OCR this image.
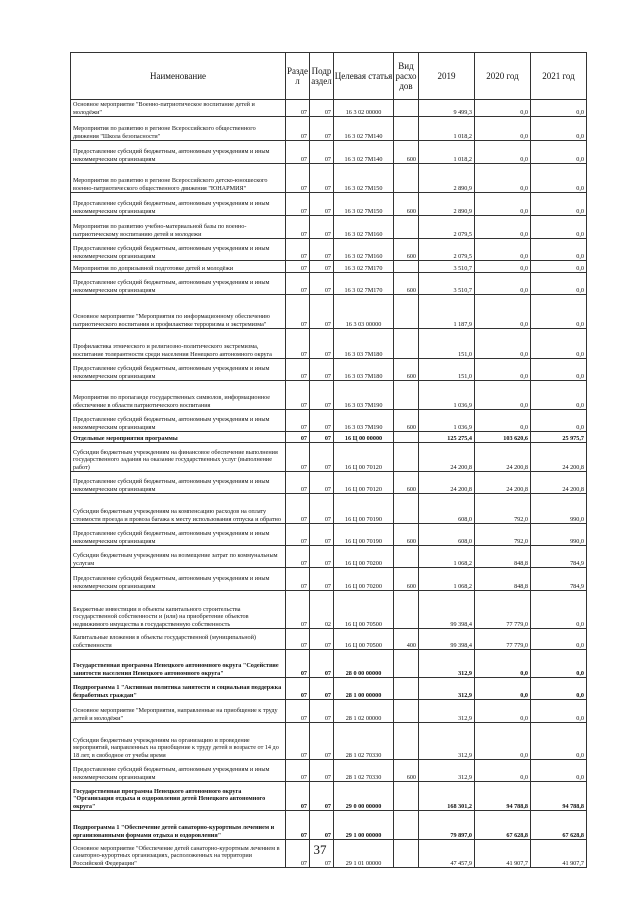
Наименование	Разде л	Подр аздел	Целевая статья	Вид расхо дов	2019	2020 год	2021 год
Основное мероприятие "Военно-патриотическое воспитание детей и молодёжи"	07	07	16 3 02 00000		9 499,3	0,0	0,0
Мероприятия по развитию в регионе Всероссийского общественного движения "Школа безопасности"	07	07	16 3 02 7М140		1 018,2	0,0	0,0
Предоставление субсидий бюджетным, автономным учреждениям и иным некоммерческим организациям	07	07	16 3 02 7М140	600	1 018,2	0,0	0,0
Мероприятия по развитию в регионе Всероссийского детско-юношеского военно-патриотического общественного движения "ЮНАРМИЯ"	07	07	16 3 02 7М150		2 890,9	0,0	0,0
Предоставление субсидий бюджетным, автономным учреждениям и иным некоммерческим организациям	07	07	16 3 02 7М150	600	2 890,9	0,0	0,0
Мероприятия по развитию учебно-материальной базы по военно-патриотическому воспитанию детей и молодежи	07	07	16 3 02 7М160		2 079,5	0,0	0,0
Предоставление субсидий бюджетным, автономным учреждениям и иным некоммерческим организациям	07	07	16 3 02 7М160	600	2 079,5	0,0	0,0
Мероприятия по допризывной подготовке детей и молодёжи	07	07	16 3 02 7М170		3 510,7	0,0	0,0
Предоставление субсидий бюджетным, автономным учреждениям и иным некоммерческим организациям	07	07	16 3 02 7М170	600	3 510,7	0,0	0,0
Основное мероприятие "Мероприятия по информационному обеспечению патриотического воспитания и профилактике терроризма и экстремизма"	07	07	16 3 03 00000		1 187,9	0,0	0,0
Профилактика этнического и религиозно-политического экстремизма, воспитание толерантности среди населения Ненецкого автономного округа	07	07	16 3 03 7М180		151,0	0,0	0,0
Предоставление субсидий бюджетным, автономным учреждениям и иным некоммерческим организациям	07	07	16 3 03 7М180	600	151,0	0,0	0,0
Мероприятия по пропаганде государственных символов, информационное обеспечение в области патриотического воспитания	07	07	16 3 03 7М190		1 036,9	0,0	0,0
Предоставление субсидий бюджетным, автономным учреждениям и иным некоммерческим организациям	07	07	16 3 03 7М190	600	1 036,9	0,0	0,0
Отдельные мероприятия программы	07	07	16 Ц 00 00000		125 275,4	103 620,6	25 975,7
Субсидии бюджетным учреждениям на финансовое обеспечение выполнения государственного задания на оказание государственных услуг (выполнение работ)	07	07	16 Ц 00 70120		24 200,8	24 200,8	24 200,8
Предоставление субсидий бюджетным, автономным учреждениям и иным некоммерческим организациям	07	07	16 Ц 00 70120	600	24 200,8	24 200,8	24 200,8
Субсидии бюджетным учреждениям на компенсацию расходов на оплату стоимости проезда и провоза багажа к месту использования отпуска и обратно	07	07	16 Ц 00 70190		608,0	792,0	990,0
Предоставление субсидий бюджетным, автономным учреждениям и иным некоммерческим организациям	07	07	16 Ц 00 70190	600	608,0	792,0	990,0
Субсидии бюджетным учреждениям на возмещение затрат по коммунальным услугам	07	07	16 Ц 00 70200		1 068,2	848,8	784,9
Предоставление субсидий бюджетным, автономным учреждениям и иным некоммерческим организациям	07	07	16 Ц 00 70200	600	1 068,2	848,8	784,9
Бюджетные инвестиции в объекты капитального строительства государственной собственности и (или) на приобретение объектов недвижимого имущества в государственную собственность	07	02	16 Ц 00 70500		99 398,4	77 779,0	0,0
Капитальные вложения в объекты государственной (муниципальной) собственности	07	07	16 Ц 00 70500	400	99 398,4	77 779,0	0,0
Государственная программа Ненецкого автономного округа "Содействие занятости населения Ненецкого автономного округа"	07	07	28 0 00 00000		312,9	0,0	0,0
Подпрограмма 1 "Активная политика занятости и социальная поддержка безработных граждан"	07	07	28 1 00 00000		312,9	0,0	0,0
Основное мероприятие "Мероприятия, направленные на приобщение к труду детей и молодёжи"	07	07	28 1 02 00000		312,9	0,0	0,0
Субсидии бюджетным учреждениям на организацию и проведение мероприятий, направленных на приобщение к труду детей в возрасте от 14 до 18 лет, в свободное от учебы время	07	07	28 1 02 70330		312,9	0,0	0,0
Предоставление субсидий бюджетным, автономным учреждениям и иным некоммерческим организациям	07	07	28 1 02 70330	600	312,9	0,0	0,0
Государственная программа Ненецкого автономного округа "Организация отдыха и оздоровления детей Ненецкого автономного округа"	07	07	29 0 00 00000		168 301,2	94 788,8	94 788,8
Подпрограмма 1 "Обеспечение детей санаторно-курортным лечением и организованными формами отдыха и оздоровления"	07	07	29 1 00 00000		79 897,0	67 628,8	67 628,8
Основное мероприятие "Обеспечение детей санаторно-курортным лечением в санаторно-курортных организациях, расположенных на территории Российской Федерации"	07	07	29 1 01 00000		47 457,9	41 907,7	41 907,7
37
